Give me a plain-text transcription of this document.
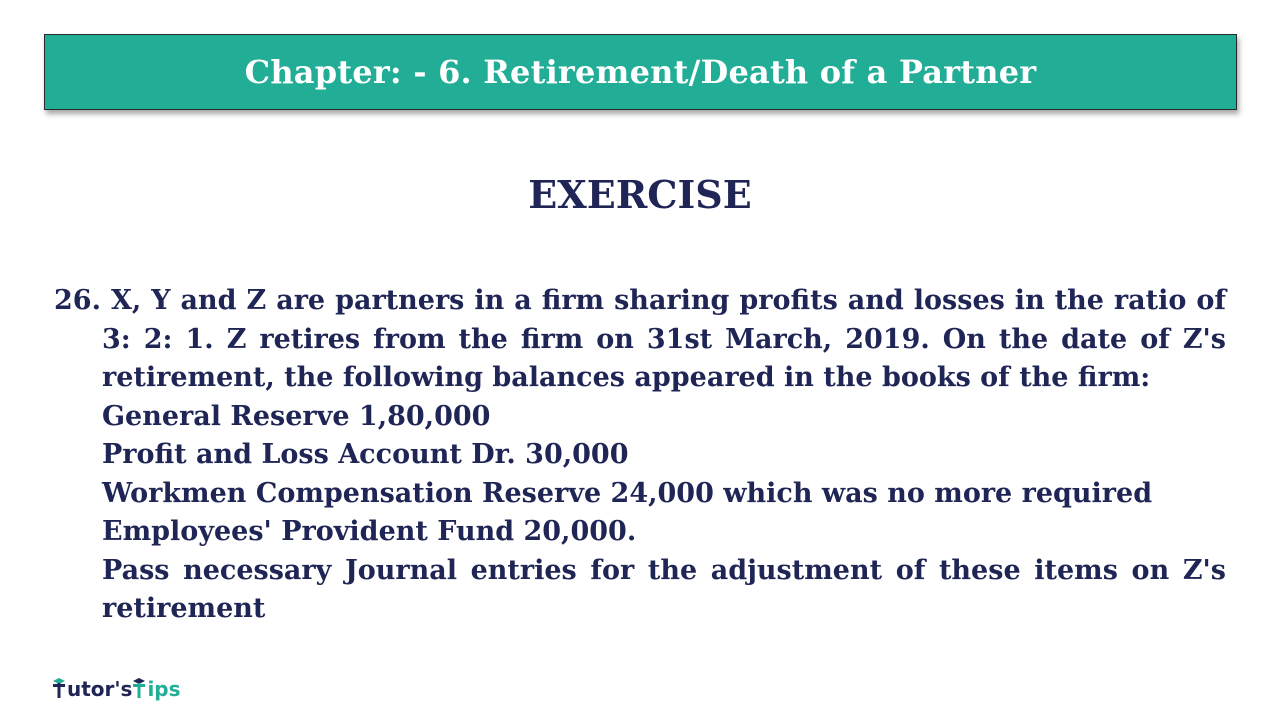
Chapter: - 6. Retirement/Death of a Partner
EXERCISE
26. X, Y and Z are partners in a firm sharing profits and losses in the ratio of 3: 2: 1. Z retires from the firm on 31st March, 2019. On the date of Z's retirement, the following balances appeared in the books of the firm:
General Reserve 1,80,000
Profit and Loss Account Dr. 30,000
Workmen Compensation Reserve 24,000 which was no more required
Employees' Provident Fund 20,000.
Pass necessary Journal entries for the adjustment of these items on Z's retirement
utor's ips
